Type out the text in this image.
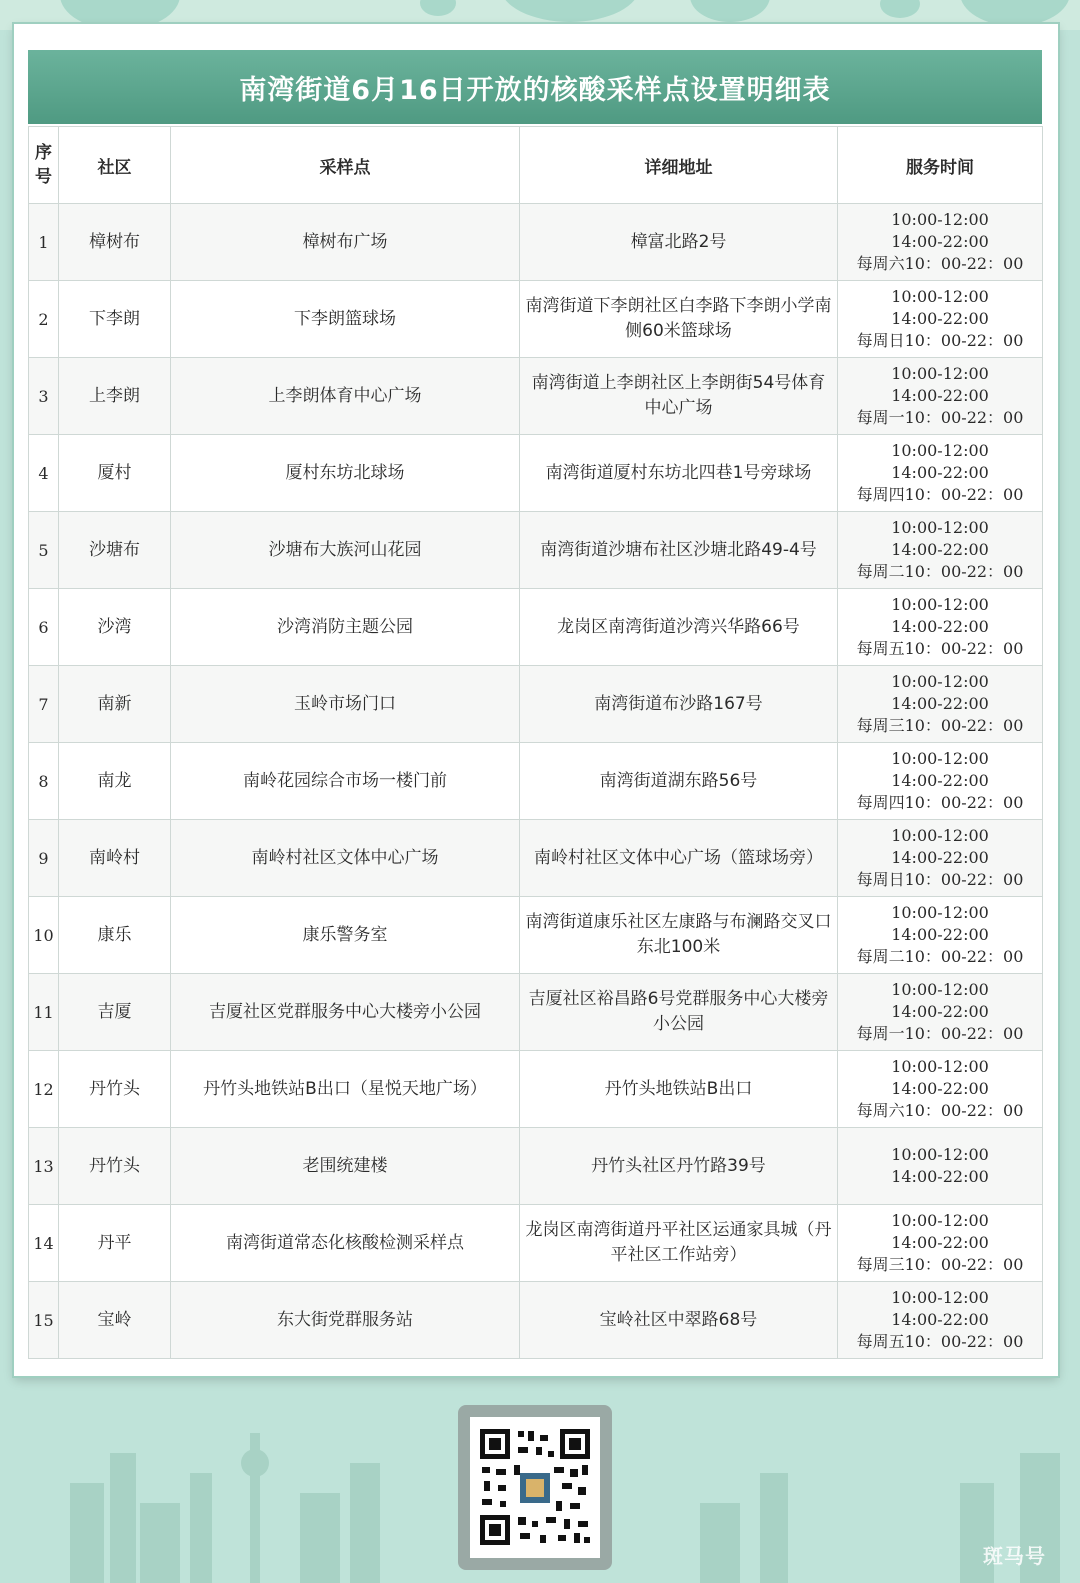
南湾街道6月16日开放的核酸采样点设置明细表
序号	社区	采样点	详细地址	服务时间
1	樟树布	樟树布广场	樟富北路2号	10:00-12:00
14:00-22:00
每周六10：00-22：00

2	下李朗	下李朗篮球场	南湾街道下李朗社区白李路下李朗小学南侧60米篮球场	10:00-12:00
14:00-22:00
每周日10：00-22：00

3	上李朗	上李朗体育中心广场	南湾街道上李朗社区上李朗街54号体育中心广场	10:00-12:00
14:00-22:00
每周一10：00-22：00

4	厦村	厦村东坊北球场	南湾街道厦村东坊北四巷1号旁球场	10:00-12:00
14:00-22:00
每周四10：00-22：00

5	沙塘布	沙塘布大族河山花园	南湾街道沙塘布社区沙塘北路49-4号	10:00-12:00
14:00-22:00
每周二10：00-22：00

6	沙湾	沙湾消防主题公园	龙岗区南湾街道沙湾兴华路66号	10:00-12:00
14:00-22:00
每周五10：00-22：00

7	南新	玉岭市场门口	南湾街道布沙路167号	10:00-12:00
14:00-22:00
每周三10：00-22：00

8	南龙	南岭花园综合市场一楼门前	南湾街道湖东路56号	10:00-12:00
14:00-22:00
每周四10：00-22：00

9	南岭村	南岭村社区文体中心广场	南岭村社区文体中心广场（篮球场旁）	10:00-12:00
14:00-22:00
每周日10：00-22：00

10	康乐	康乐警务室	南湾街道康乐社区左康路与布澜路交叉口东北100米	10:00-12:00
14:00-22:00
每周二10：00-22：00

11	吉厦	吉厦社区党群服务中心大楼旁小公园	吉厦社区裕昌路6号党群服务中心大楼旁小公园	10:00-12:00
14:00-22:00
每周一10：00-22：00

12	丹竹头	丹竹头地铁站B出口（星悦天地广场）	丹竹头地铁站B出口	10:00-12:00
14:00-22:00
每周六10：00-22：00

13	丹竹头	老围统建楼	丹竹头社区丹竹路39号	10:00-12:00
14:00-22:00

14	丹平	南湾街道常态化核酸检测采样点	龙岗区南湾街道丹平社区运通家具城（丹平社区工作站旁）	10:00-12:00
14:00-22:00
每周三10：00-22：00

15	宝岭	东大街党群服务站	宝岭社区中翠路68号	10:00-12:00
14:00-22:00
每周五10：00-22：00
斑马号
